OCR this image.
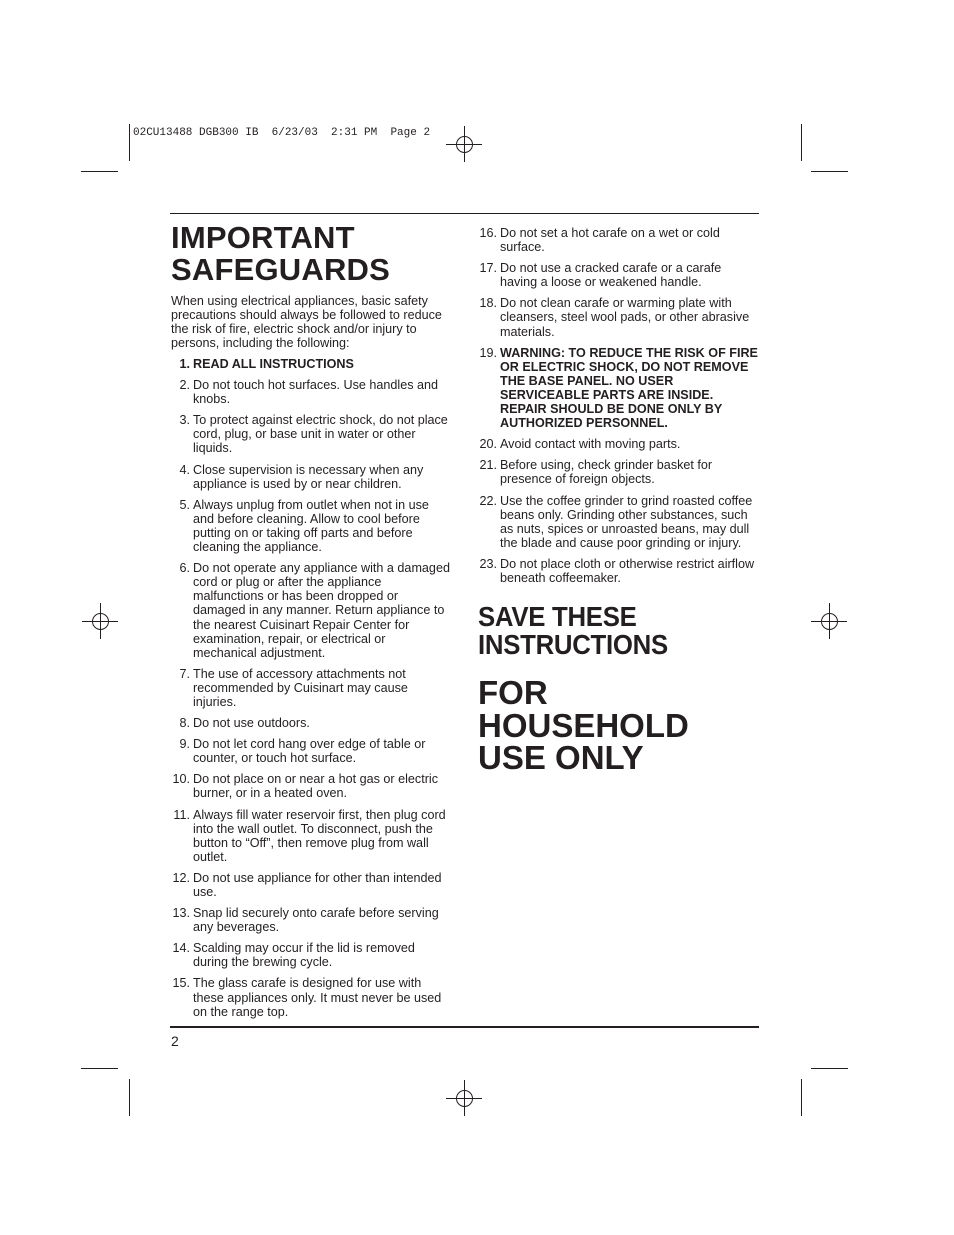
02CU13488 DGB300 IB  6/23/03  2:31 PM  Page 2
IMPORTANT
SAFEGUARDS

When using electrical appliances, basic safety precautions should always be followed to reduce the risk of fire, electric shock and/or injury to persons, including the following:

1. READ ALL INSTRUCTIONS
2. Do not touch hot surfaces. Use handles and knobs.
3. To protect against electric shock, do not place cord, plug, or base unit in water or other liquids.
4. Close supervision is necessary when any appliance is used by or near children.
5. Always unplug from outlet when not in use and before cleaning. Allow to cool before putting on or taking off parts and before cleaning the appliance.
6. Do not operate any appliance with a damaged cord or plug or after the appliance malfunctions or has been dropped or damaged in any manner. Return appliance to the nearest Cuisinart Repair Center for examination, repair, or electrical or mechanical adjustment.
7. The use of accessory attachments not recommended by Cuisinart may cause injuries.
8. Do not use outdoors.
9. Do not let cord hang over edge of table or counter, or touch hot surface.
10. Do not place on or near a hot gas or electric burner, or in a heated oven.
11. Always fill water reservoir first, then plug cord into the wall outlet. To disconnect, push the button to “Off”, then remove plug from wall outlet.
12. Do not use appliance for other than intended use.
13. Snap lid securely onto carafe before serving any beverages.
14. Scalding may occur if the lid is removed during the brewing cycle.
15. The glass carafe is designed for use with these appliances only. It must never be used on the range top.
16. Do not set a hot carafe on a wet or cold surface.
17. Do not use a cracked carafe or a carafe having a loose or weakened handle.
18. Do not clean carafe or warming plate with cleansers, steel wool pads, or other abrasive materials.
19. WARNING: TO REDUCE THE RISK OF FIRE OR ELECTRIC SHOCK, DO NOT REMOVE THE BASE PANEL. NO USER SERVICEABLE PARTS ARE INSIDE. REPAIR SHOULD BE DONE ONLY BY AUTHORIZED PERSONNEL.
20. Avoid contact with moving parts.
21. Before using, check grinder basket for presence of foreign objects.
22. Use the coffee grinder to grind roasted coffee beans only. Grinding other substances, such as nuts, spices or unroasted beans, may dull the blade and cause poor grinding or injury.
23. Do not place cloth or otherwise restrict airflow beneath coffeemaker.
SAVE THESE
INSTRUCTIONS
FOR
HOUSEHOLD
USE ONLY
2
